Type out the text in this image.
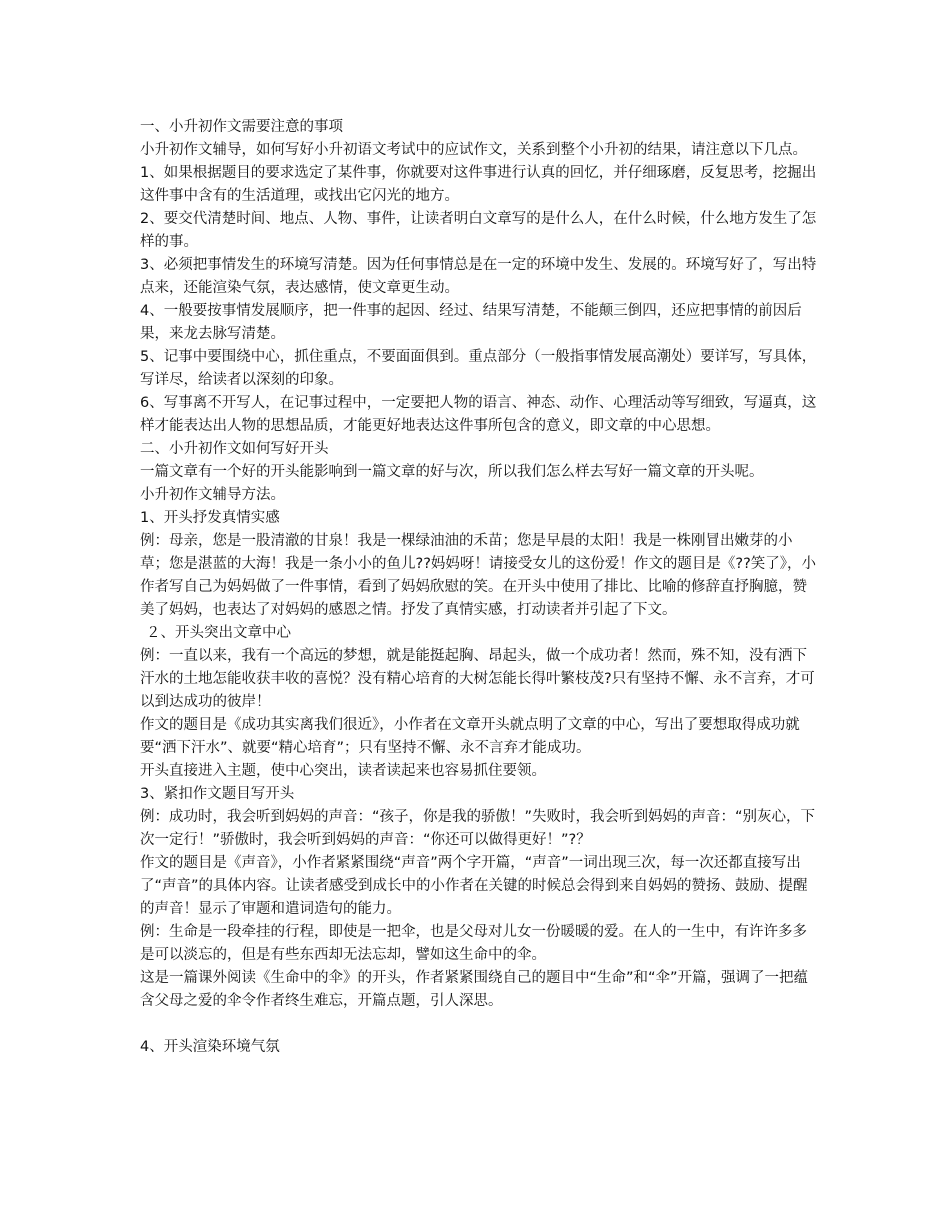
一、小升初作文需要注意的事项

小升初作文辅导，如何写好小升初语文考试中的应试作文，关系到整个小升初的结果，请注意以下几点。

1、如果根据题目的要求选定了某件事，你就要对这件事进行认真的回忆，并仔细琢磨，反复思考，挖掘出这件事中含有的生活道理，或找出它闪光的地方。

2、要交代清楚时间、地点、人物、事件，让读者明白文章写的是什么人，在什么时候，什么地方发生了怎样的事。

3、必须把事情发生的环境写清楚。因为任何事情总是在一定的环境中发生、发展的。环境写好了，写出特点来，还能渲染气氛，表达感情，使文章更生动。

4、一般要按事情发展顺序，把一件事的起因、经过、结果写清楚，不能颠三倒四，还应把事情的前因后果，来龙去脉写清楚。

5、记事中要围绕中心，抓住重点，不要面面俱到。重点部分（一般指事情发展高潮处）要详写，写具体，写详尽，给读者以深刻的印象。

6、写事离不开写人，在记事过程中，一定要把人物的语言、神态、动作、心理活动等写细致，写逼真，这样才能表达出人物的思想品质，才能更好地表达这件事所包含的意义，即文章的中心思想。

二、小升初作文如何写好开头

一篇文章有一个好的开头能影响到一篇文章的好与次，所以我们怎么样去写好一篇文章的开头呢。

小升初作文辅导方法。

1、开头抒发真情实感

例：母亲，您是一股清澈的甘泉！我是一棵绿油油的禾苗；您是早晨的太阳！我是一株刚冒出嫩芽的小草；您是湛蓝的大海！我是一条小小的鱼儿??妈妈呀！请接受女儿的这份爱！作文的题目是《??笑了》，小作者写自己为妈妈做了一件事情，看到了妈妈欣慰的笑。在开头中使用了排比、比喻的修辞直抒胸臆，赞美了妈妈，也表达了对妈妈的感恩之情。抒发了真情实感，打动读者并引起了下文。

２、开头突出文章中心

例：一直以来，我有一个高远的梦想，就是能挺起胸、昂起头，做一个成功者！然而，殊不知，没有洒下汗水的土地怎能收获丰收的喜悦？没有精心培育的大树怎能长得叶繁枝茂?只有坚持不懈、永不言弃，才可以到达成功的彼岸！

作文的题目是《成功其实离我们很近》，小作者在文章开头就点明了文章的中心，写出了要想取得成功就要“洒下汗水”、就要“精心培育”；只有坚持不懈、永不言弃才能成功。

开头直接进入主题，使中心突出，读者读起来也容易抓住要领。

3、紧扣作文题目写开头

例：成功时，我会听到妈妈的声音：“孩子，你是我的骄傲！”失败时，我会听到妈妈的声音：“别灰心，下次一定行！”骄傲时，我会听到妈妈的声音：“你还可以做得更好！”?？

作文的题目是《声音》，小作者紧紧围绕“声音”两个字开篇，“声音”一词出现三次，每一次还都直接写出了“声音”的具体内容。让读者感受到成长中的小作者在关键的时候总会得到来自妈妈的赞扬、鼓励、提醒的声音！显示了审题和遣词造句的能力。

例：生命是一段牵挂的行程，即使是一把伞，也是父母对儿女一份暖暖的爱。在人的一生中，有许许多多是可以淡忘的，但是有些东西却无法忘却，譬如这生命中的伞。

这是一篇课外阅读《生命中的伞》的开头，作者紧紧围绕自己的题目中“生命”和“伞”开篇，强调了一把蕴含父母之爱的伞令作者终生难忘，开篇点题，引人深思。

4、开头渲染环境气氛
